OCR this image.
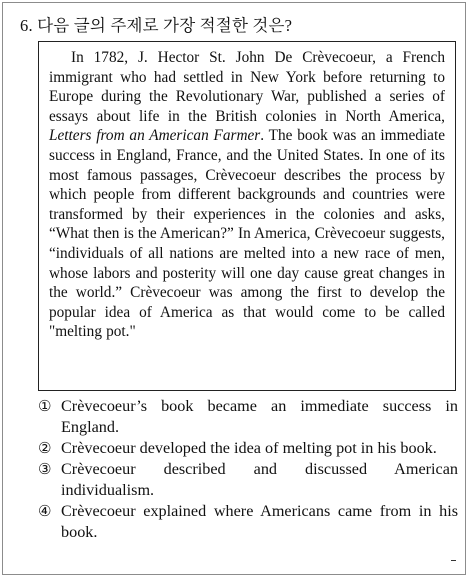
6. 다음 글의 주제로 가장 적절한 것은?

In 1782, J. Hector St. John De Crèvecoeur, a French immigrant who had settled in New York before returning to Europe during the Revolutionary War, published a series of essays about life in the British colonies in North America, Letters from an American Farmer. The book was an immediate success in England, France, and the United States. In one of its most famous passages, Crèvecoeur describes the process by which people from different backgrounds and countries were transformed by their experiences in the colonies and asks, “What then is the American?” In America, Crèvecoeur suggests, “individuals of all nations are melted into a new race of men, whose labors and posterity will one day cause great changes in the world.” Crèvecoeur was among the first to develop the popular idea of America as that would come to be called "melting pot."

① Crèvecoeur’s book became an immediate success in England.
② Crèvecoeur developed the idea of melting pot in his book.
③ Crèvecoeur described and discussed American individualism.
④ Crèvecoeur explained where Americans came from in his book.
